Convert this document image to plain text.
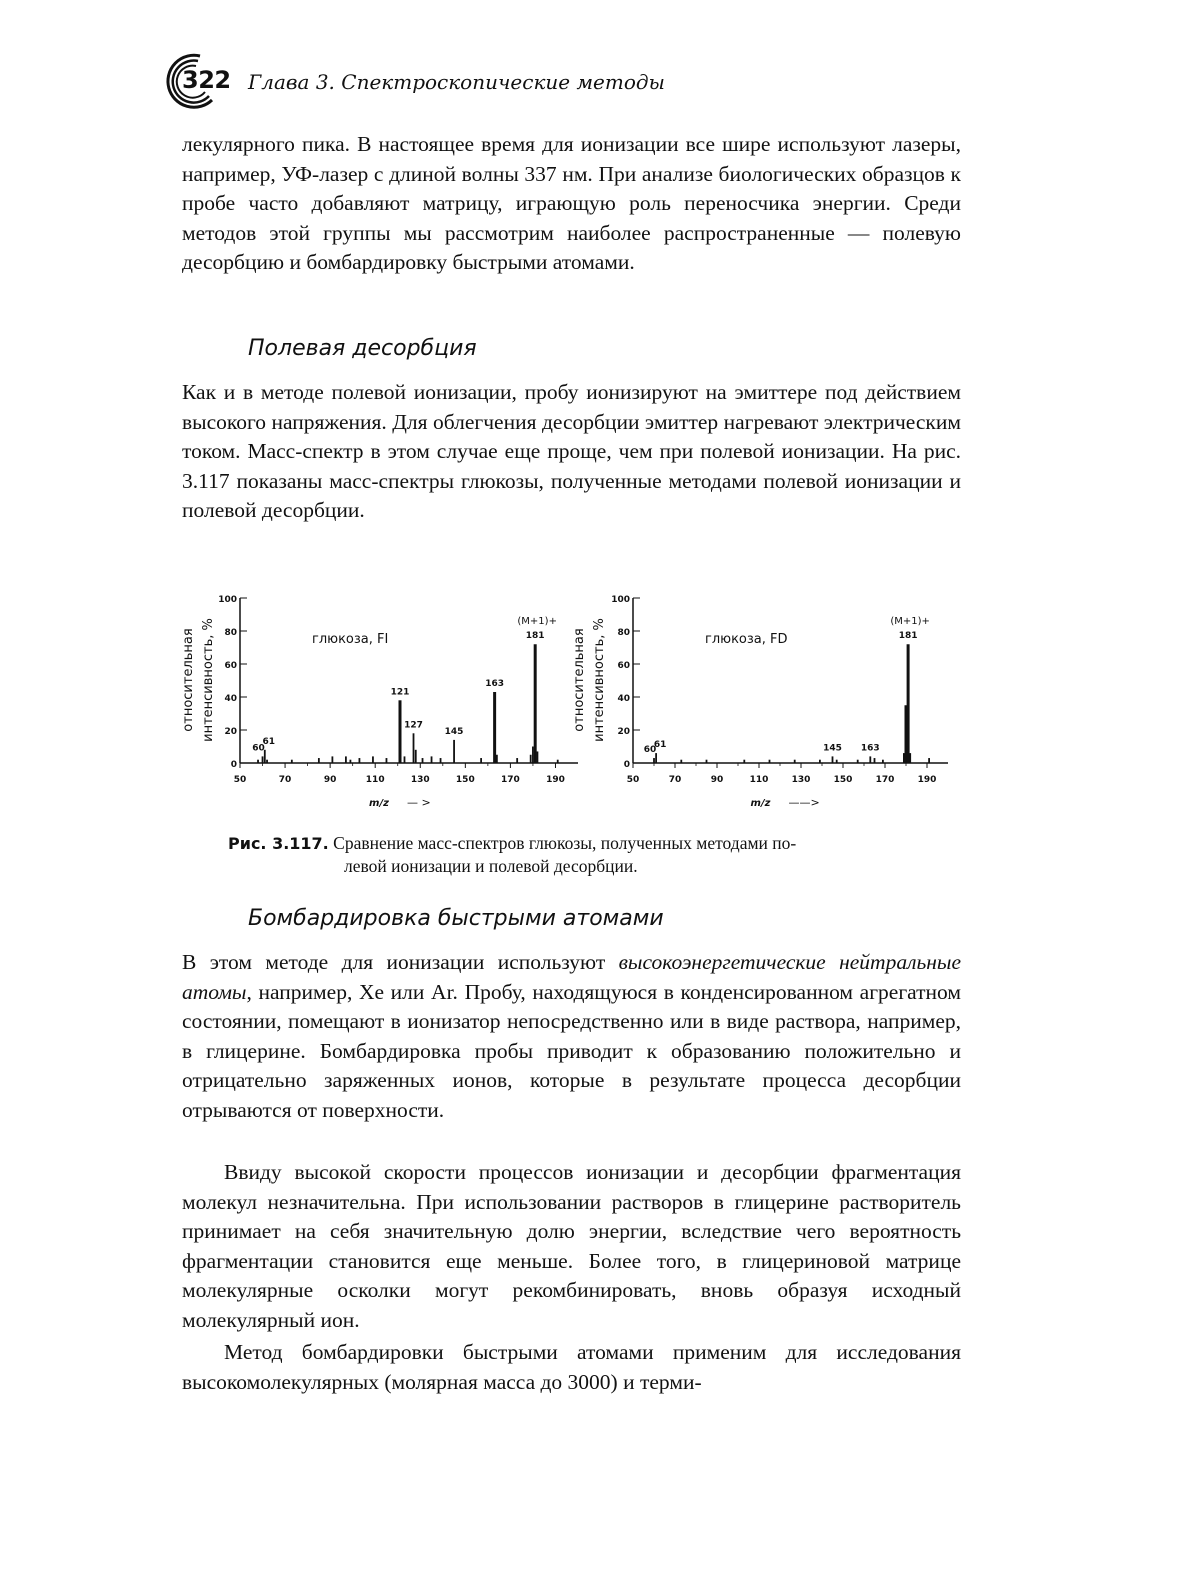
322 Глава 3. Спектроскопические методы

лекулярного пика. В настоящее время для ионизации все шире используют лазеры, например, УФ-лазер с длиной волны 337 нм. При анализе биологических образцов к пробе часто добавляют матрицу, играющую роль переносчика энергии. Среди методов этой группы мы рассмотрим наиболее распространенные — полевую десорбцию и бомбардировку быстрыми атомами.

Полевая десорбция

Как и в методе полевой ионизации, пробу ионизируют на эмиттере под действием высокого напряжения. Для облегчения десорбции эмиттер нагревают электрическим током. Масс-спектр в этом случае еще проще, чем при полевой ионизации. На рис. 3.117 показаны масс-спектры глюкозы, полученные методами полевой ионизации и полевой десорбции.

0
20
40
60
80
100
50	70	90	110	130	150	170	190
60
61
121
127
145
163
181
(M+1)+
глюкоза, FI
относительная интенсивность, %
m/z — >
0
20
40
60
80
100
50	70	90	110	130	150	170	190
60
61	145 163
181
(M+1)+
глюкоза, FD
относительная интенсивность, %
m/z ——>
Рис. 3.117. Сравнение масс-спектров глюкозы, полученных методами по-
левой ионизации и полевой десорбции.
Бомбардировка быстрыми атомами

В этом методе для ионизации используют высокоэнергетические нейтральные атомы, например, Xe или Ar. Пробу, находящуюся в конденсированном агрегатном состоянии, помещают в ионизатор непосредственно или в виде раствора, например, в глицерине. Бомбардировка пробы приводит к образованию положительно и отрицательно заряженных ионов, которые в результате процесса десорбции отрываются от поверхности.

Ввиду высокой скорости процессов ионизации и десорбции фрагментация молекул незначительна. При использовании растворов в глицерине растворитель принимает на себя значительную долю энергии, вследствие чего вероятность фрагментации становится еще меньше. Более того, в глицериновой матрице молекулярные осколки могут рекомбинировать, вновь образуя исходный молекулярный ион.

Метод бомбардировки быстрыми атомами применим для исследования высокомолекулярных (молярная масса до 3000) и терми-
